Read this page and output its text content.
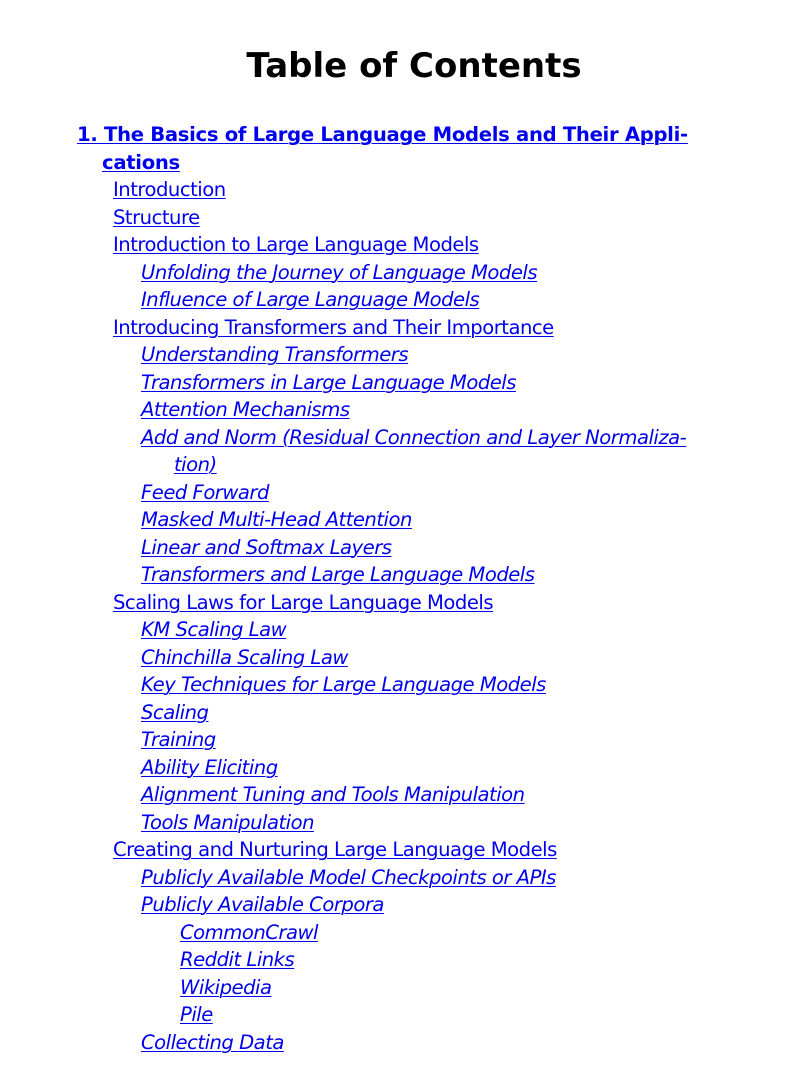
Table of Contents
1. The Basics of Large Language Models and Their Appli-
cations
Introduction
Structure
Introduction to Large Language Models
Unfolding the Journey of Language Models
Influence of Large Language Models
Introducing Transformers and Their Importance
Understanding Transformers
Transformers in Large Language Models
Attention Mechanisms
Add and Norm (Residual Connection and Layer Normaliza-
tion)
Feed Forward
Masked Multi-Head Attention
Linear and Softmax Layers
Transformers and Large Language Models
Scaling Laws for Large Language Models
KM Scaling Law
Chinchilla Scaling Law
Key Techniques for Large Language Models
Scaling
Training
Ability Eliciting
Alignment Tuning and Tools Manipulation
Tools Manipulation
Creating and Nurturing Large Language Models
Publicly Available Model Checkpoints or APIs
Publicly Available Corpora
CommonCrawl
Reddit Links
Wikipedia
Pile
Collecting Data
